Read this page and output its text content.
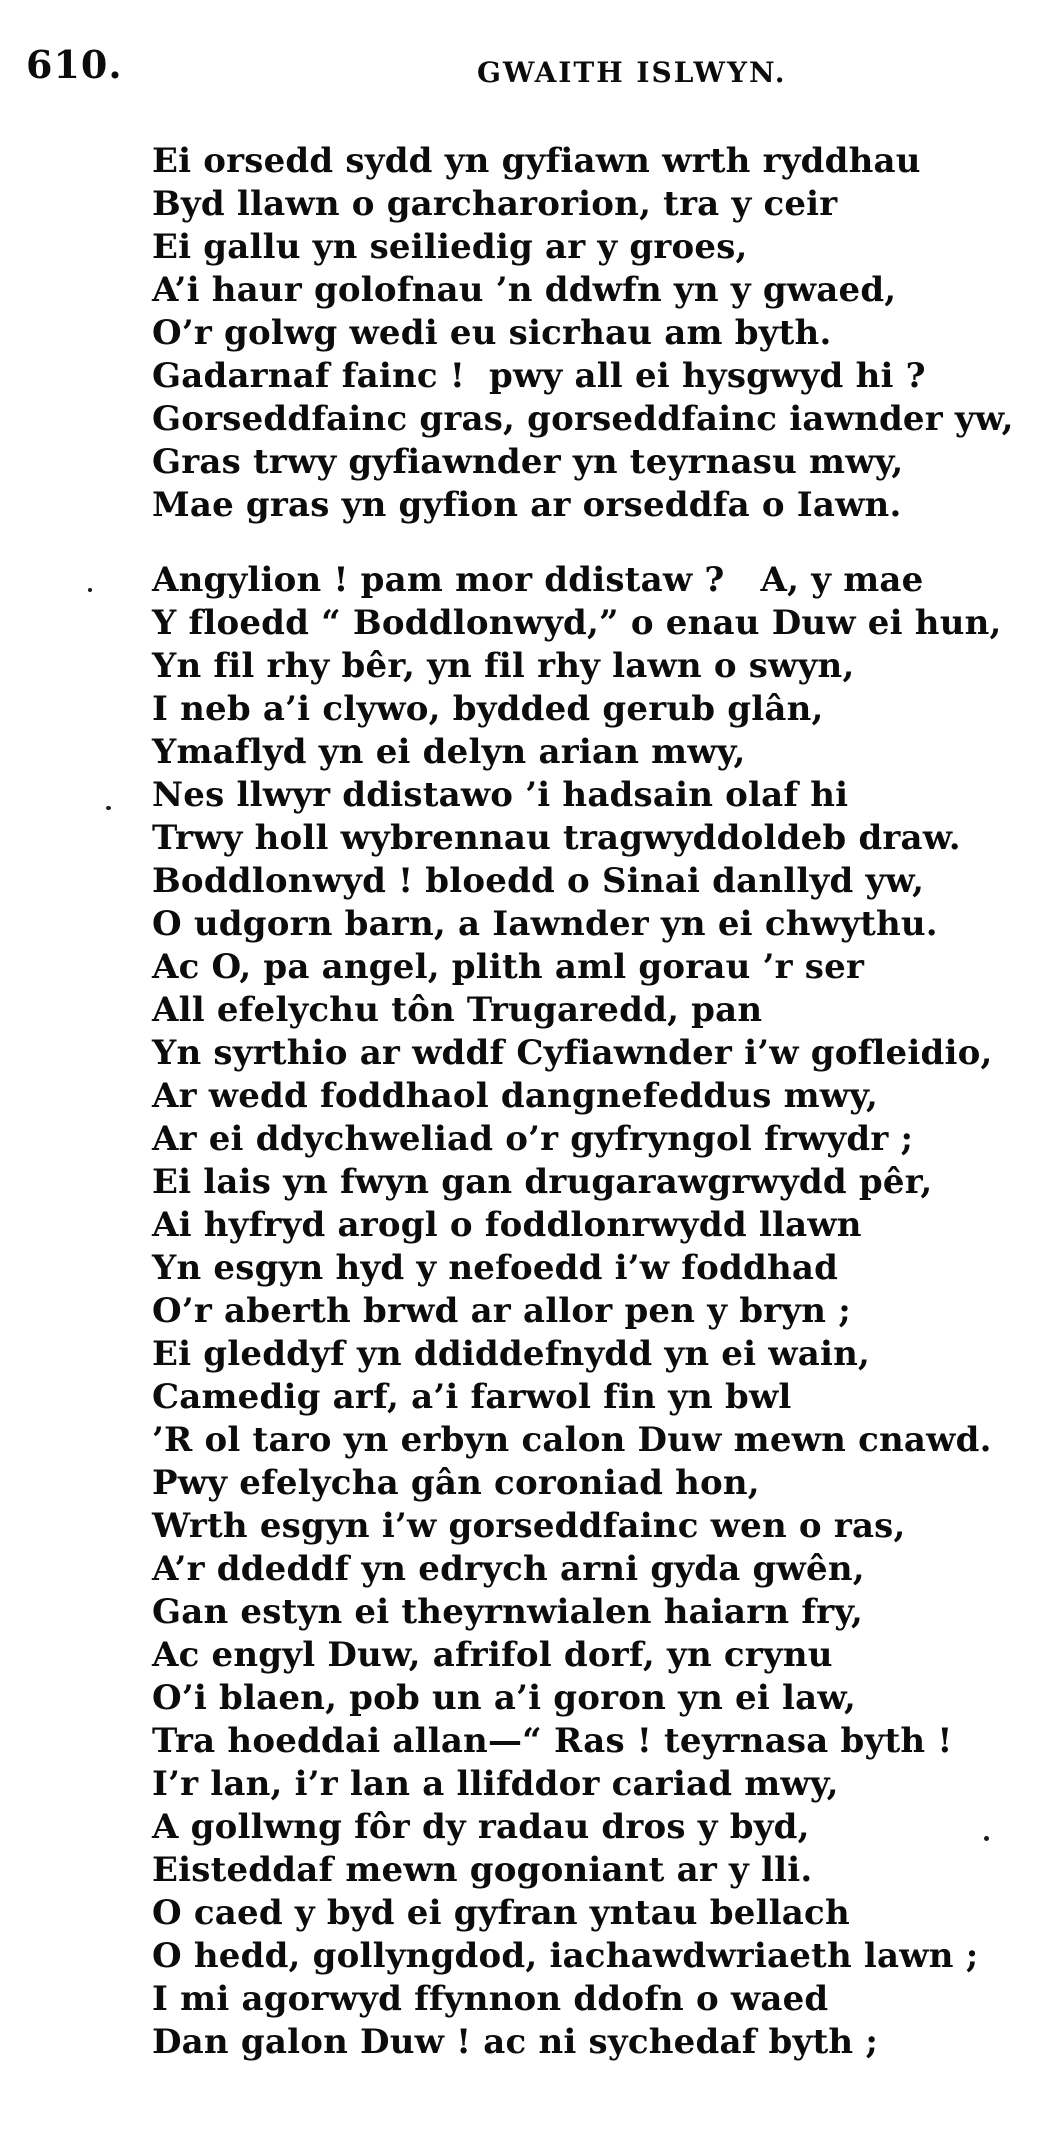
610.	GWAITH ISLWYN.
Ei orsedd sydd yn gyfiawn wrth ryddhau
Byd llawn o garcharorion, tra y ceir
Ei gallu yn seiliedig ar y groes,
A’i haur golofnau ’n ddwfn yn y gwaed,
O’r golwg wedi eu sicrhau am byth.
Gadarnaf fainc !  pwy all ei hysgwyd hi ?
Gorseddfainc gras, gorseddfainc iawnder yw,
Gras trwy gyfiawnder yn teyrnasu mwy,
Mae gras yn gyfion ar orseddfa o Iawn.
Angylion ! pam mor ddistaw ?   A, y mae
Y floedd “ Boddlonwyd,” o enau Duw ei hun,
Yn fil rhy bêr, yn fil rhy lawn o swyn,
I neb a’i clywo, bydded gerub glân,
Ymaflyd yn ei delyn arian mwy,
Nes llwyr ddistawo ’i hadsain olaf hi
Trwy holl wybrennau tragwyddoldeb draw.
Boddlonwyd ! bloedd o Sinai danllyd yw,
O udgorn barn, a Iawnder yn ei chwythu.
Ac O, pa angel, plith aml gorau ’r ser
All efelychu tôn Trugaredd, pan
Yn syrthio ar wddf Cyfiawnder i’w gofleidio,
Ar wedd foddhaol dangnefeddus mwy,
Ar ei ddychweliad o’r gyfryngol frwydr ;
Ei lais yn fwyn gan drugarawgrwydd pêr,
Ai hyfryd arogl o foddlonrwydd llawn
Yn esgyn hyd y nefoedd i’w foddhad
O’r aberth brwd ar allor pen y bryn ;
Ei gleddyf yn ddiddefnydd yn ei wain,
Camedig arf, a’i farwol fin yn bwl
’R ol taro yn erbyn calon Duw mewn cnawd.
Pwy efelycha gân coroniad hon,
Wrth esgyn i’w gorseddfainc wen o ras,
A’r ddeddf yn edrych arni gyda gwên,
Gan estyn ei theyrnwialen haiarn fry,
Ac engyl Duw, afrifol dorf, yn crynu
O’i blaen, pob un a’i goron yn ei law,
Tra hoeddai allan—“ Ras ! teyrnasa byth !
I’r lan, i’r lan a llifddor cariad mwy,
A gollwng fôr dy radau dros y byd,
Eisteddaf mewn gogoniant ar y lli.
O caed y byd ei gyfran yntau bellach
O hedd, gollyngdod, iachawdwriaeth lawn ;
I mi agorwyd ffynnon ddofn o waed
Dan galon Duw ! ac ni sychedaf byth ;
